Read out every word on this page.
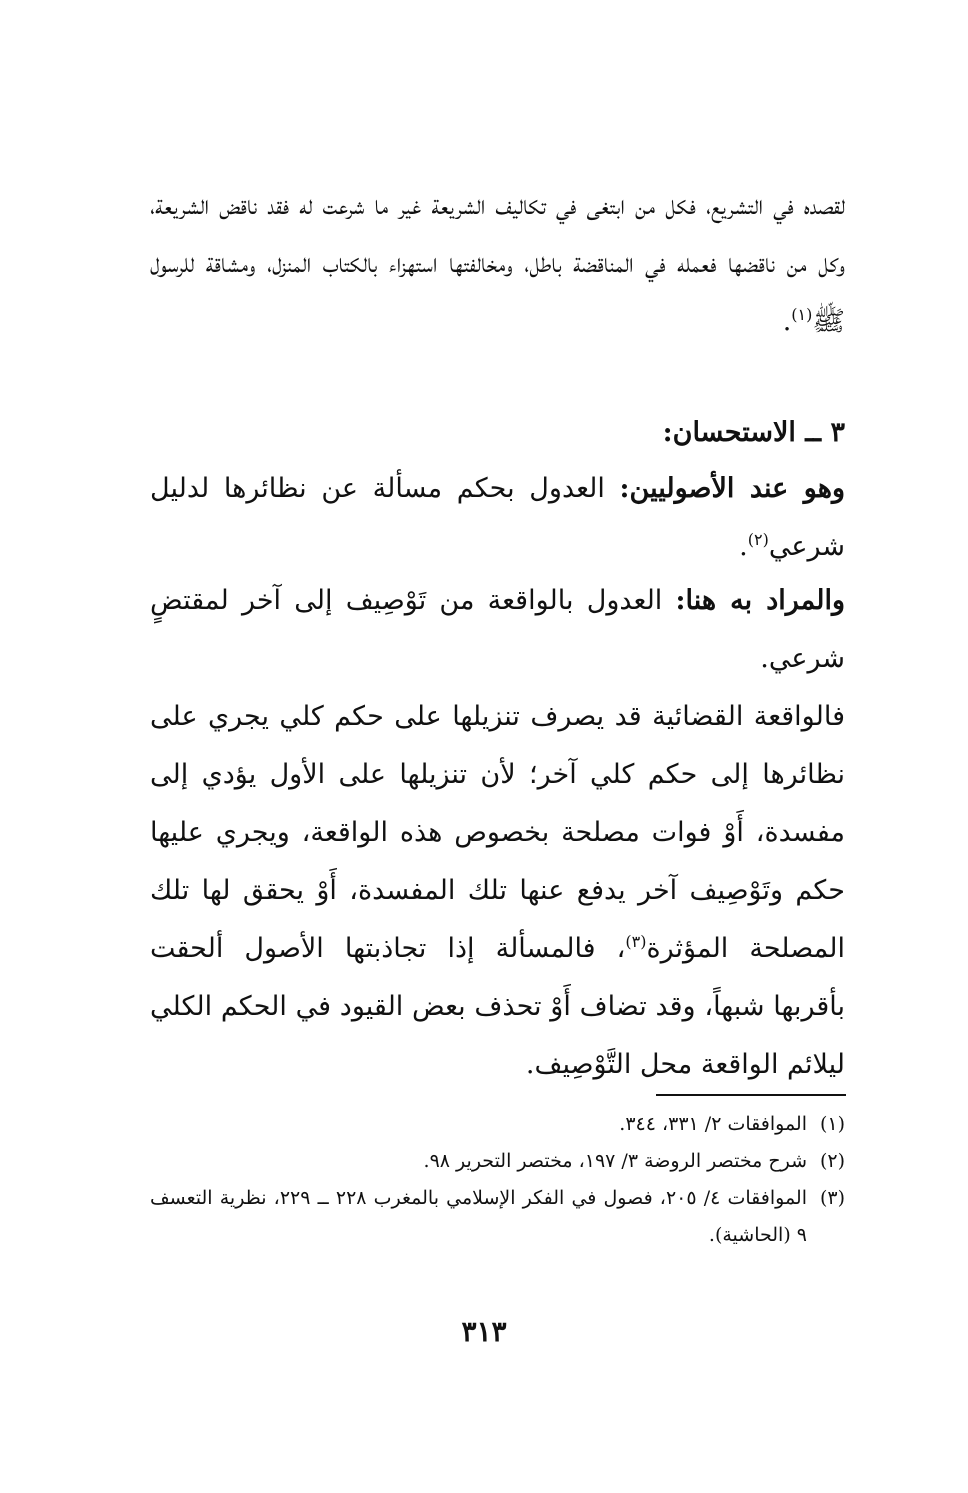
لقصده في التشريع، فكل من ابتغى في تكاليف الشريعة غير ما شرعت له فقد ناقض الشريعة، وكل من ناقضها فعمله في المناقضة باطل، ومخالفتها استهزاء بالكتاب المنزل، ومشاقة للرسول ﷺ$^{(١)}$.

٣ ــ الاستحسان:

وهو عند الأصوليين: العدول بحكم مسألة عن نظائرها لدليل شرعي$^{(٢)}$.

والمراد به هنا: العدول بالواقعة من تَوْصِيف إلى آخر لمقتضٍ شرعي.

فالواقعة القضائية قد يصرف تنزيلها على حكم كلي يجري على نظائرها إلى حكم كلي آخر؛ لأن تنزيلها على الأول يؤدي إلى مفسدة، أَوْ فوات مصلحة بخصوص هذه الواقعة، ويجري عليها حكم وتَوْصِيف آخر يدفع عنها تلك المفسدة، أَوْ يحقق لها تلك المصلحة المؤثرة$^{(٣)}$، فالمسألة إذا تجاذبتها الأصول ألحقت بأقربها شبهاً، وقد تضاف أَوْ تحذف بعض القيود في الحكم الكلي ليلائم الواقعة محل التَّوْصِيف.

(١)
الموافقات ٢/ ٣٣١، ٣٤٤.

(٢)
شرح مختصر الروضة ٣/ ١٩٧، مختصر التحرير ٩٨.

(٣)
الموافقات ٤/ ٢٠٥، فصول في الفكر الإسلامي بالمغرب ٢٢٨ ــ ٢٢٩، نظرية التعسف ٩ (الحاشية).

٣١٣
